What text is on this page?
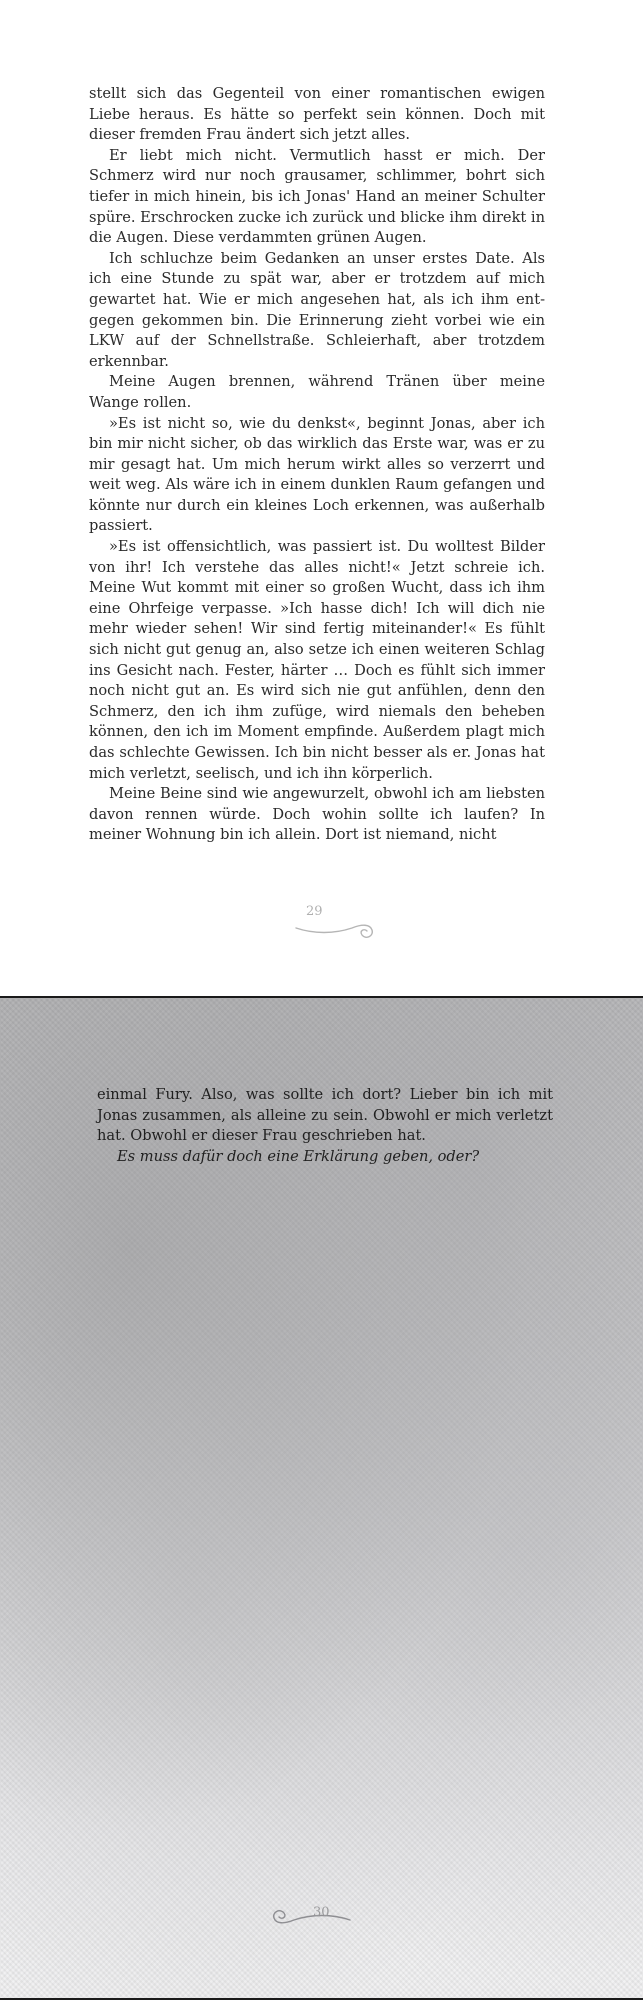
stellt sich das Gegenteil von einer romantischen ewigen Liebe heraus. Es hätte so perfekt sein können. Doch mit dieser fremden Frau ändert sich jetzt alles.

Er liebt mich nicht. Vermutlich hasst er mich. Der Schmerz wird nur noch grausamer, schlimmer, bohrt sich tiefer in mich hinein, bis ich Jonas' Hand an meiner Schulter spüre. Erschrocken zucke ich zurück und blicke ihm direkt in die Augen. Diese verdammten grünen Augen.

Ich schluchze beim Gedanken an unser erstes Date. Als ich eine Stunde zu spät war, aber er trotzdem auf mich gewartet hat. Wie er mich angesehen hat, als ich ihm entgegen gekommen bin. Die Erinnerung zieht vorbei wie ein LKW auf der Schnellstraße. Schleierhaft, aber trotzdem erkennbar.

Meine Augen brennen, während Tränen über meine Wange rollen.

»Es ist nicht so, wie du denkst«, beginnt Jonas, aber ich bin mir nicht sicher, ob das wirklich das Erste war, was er zu mir gesagt hat. Um mich herum wirkt alles so verzerrt und weit weg. Als wäre ich in einem dunklen Raum gefangen und könnte nur durch ein kleines Loch erkennen, was außerhalb passiert.

»Es ist offensichtlich, was passiert ist. Du wolltest Bilder von ihr! Ich verstehe das alles nicht!« Jetzt schreie ich. Meine Wut kommt mit einer so großen Wucht, dass ich ihm eine Ohrfeige verpasse. »Ich hasse dich! Ich will dich nie mehr wieder sehen! Wir sind fertig miteinander!« Es fühlt sich nicht gut genug an, also setze ich einen weiteren Schlag ins Gesicht nach. Fester, härter … Doch es fühlt sich immer noch nicht gut an. Es wird sich nie gut anfühlen, denn den Schmerz, den ich ihm zufüge, wird niemals den beheben können, den ich im Moment empfinde. Außerdem plagt mich das schlechte Gewissen. Ich bin nicht besser als er. Jonas hat mich verletzt, seelisch, und ich ihn körperlich.

Meine Beine sind wie angewurzelt, obwohl ich am liebsten davon rennen würde. Doch wohin sollte ich laufen? In meiner Wohnung bin ich allein. Dort ist niemand, nicht

29

einmal Fury. Also, was sollte ich dort? Lieber bin ich mit Jonas zusammen, als alleine zu sein. Obwohl er mich verletzt hat. Obwohl er dieser Frau geschrieben hat.

Es muss dafür doch eine Erklärung geben, oder?

30
